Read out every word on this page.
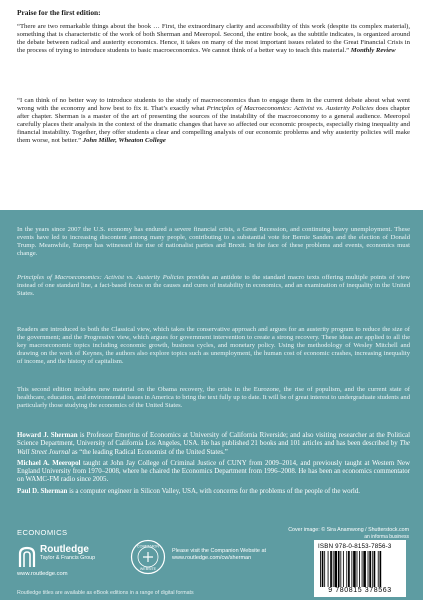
Praise for the first edition:

“There are two remarkable things about the book … First, the extraordinary clarity and accessibility of this work (despite its complex material), something that is characteristic of the work of both Sherman and Meeropol. Second, the entire book, as the subtitle indicates, is organized around the debate between radical and austerity economics. Hence, it takes on many of the most important issues related to the Great Financial Crisis in the process of trying to introduce students to basic macroeconomics. We cannot think of a better way to teach this material.” Monthly Review

“I can think of no better way to introduce students to the study of macroeconomics than to engage them in the current debate about what went wrong with the economy and how best to fix it. That’s exactly what Principles of Macroeconomics: Activist vs. Austerity Policies does chapter after chapter. Sherman is a master of the art of presenting the sources of the instability of the macroeconomy to a general audience. Meeropol carefully places their analysis in the context of the dramatic changes that have so affected our economic prospects, especially rising inequality and financial instability. Together, they offer students a clear and compelling analysis of our economic problems and why austerity policies will make them worse, not better.” John Miller, Wheaton College

In the years since 2007 the U.S. economy has endured a severe financial crisis, a Great Recession, and continuing heavy unemployment. These events have led to increasing discontent among many people, contributing to a substantial vote for Bernie Sanders and the election of Donald Trump. Meanwhile, Europe has witnessed the rise of nationalist parties and Brexit. In the face of these problems and events, economics must change.

Principles of Macroeconomics: Activist vs. Austerity Policies provides an antidote to the standard macro texts offering multiple points of view instead of one standard line, a fact-based focus on the causes and cures of instability in economics, and an examination of inequality in the United States.

Readers are introduced to both the Classical view, which takes the conservative approach and argues for an austerity program to reduce the size of the government; and the Progressive view, which argues for government intervention to create a strong recovery. These ideas are applied to all the key macroeconomic topics including economic growth, business cycles, and monetary policy. Using the methodology of Wesley Mitchell and drawing on the work of Keynes, the authors also explore topics such as unemployment, the human cost of economic crashes, increasing inequality of income, and the history of capitalism.

This second edition includes new material on the Obama recovery, the crisis in the Eurozone, the rise of populism, and the current state of healthcare, education, and environmental issues in America to bring the text fully up to date. It will be of great interest to undergraduate students and particularly those studying the economics of the United States.

Howard J. Sherman is Professor Emeritus of Economics at University of California Riverside; and also visiting researcher at the Political Science Department, University of California Los Angeles, USA. He has published 21 books and 101 articles and has been described by The Wall Street Journal as “the leading Radical Economist of the United States.”

Michael A. Meeropol taught at John Jay College of Criminal Justice of CUNY from 2009–2014, and previously taught at Western New England University from 1970–2008, where he chaired the Economics Department from 1996–2008. He has been an economics commentator on WAMC-FM radio since 2005.

Paul D. Sherman is a computer engineer in Silicon Valley, USA, with concerns for the problems of the people of the world.

ECONOMICS	Cover image: © Sira Anamwong / Shutterstock.com
an informa business
Routledge
Taylor & Francis Group
www.routledge.com
COMPANION
WEBSITE
Please visit the Companion Website at
www.routledge.com/cw/sherman
Routledge titles are available as eBook editions in a range of digital formats
ISBN 978-0-8153-7856-3
9 780815 378563
